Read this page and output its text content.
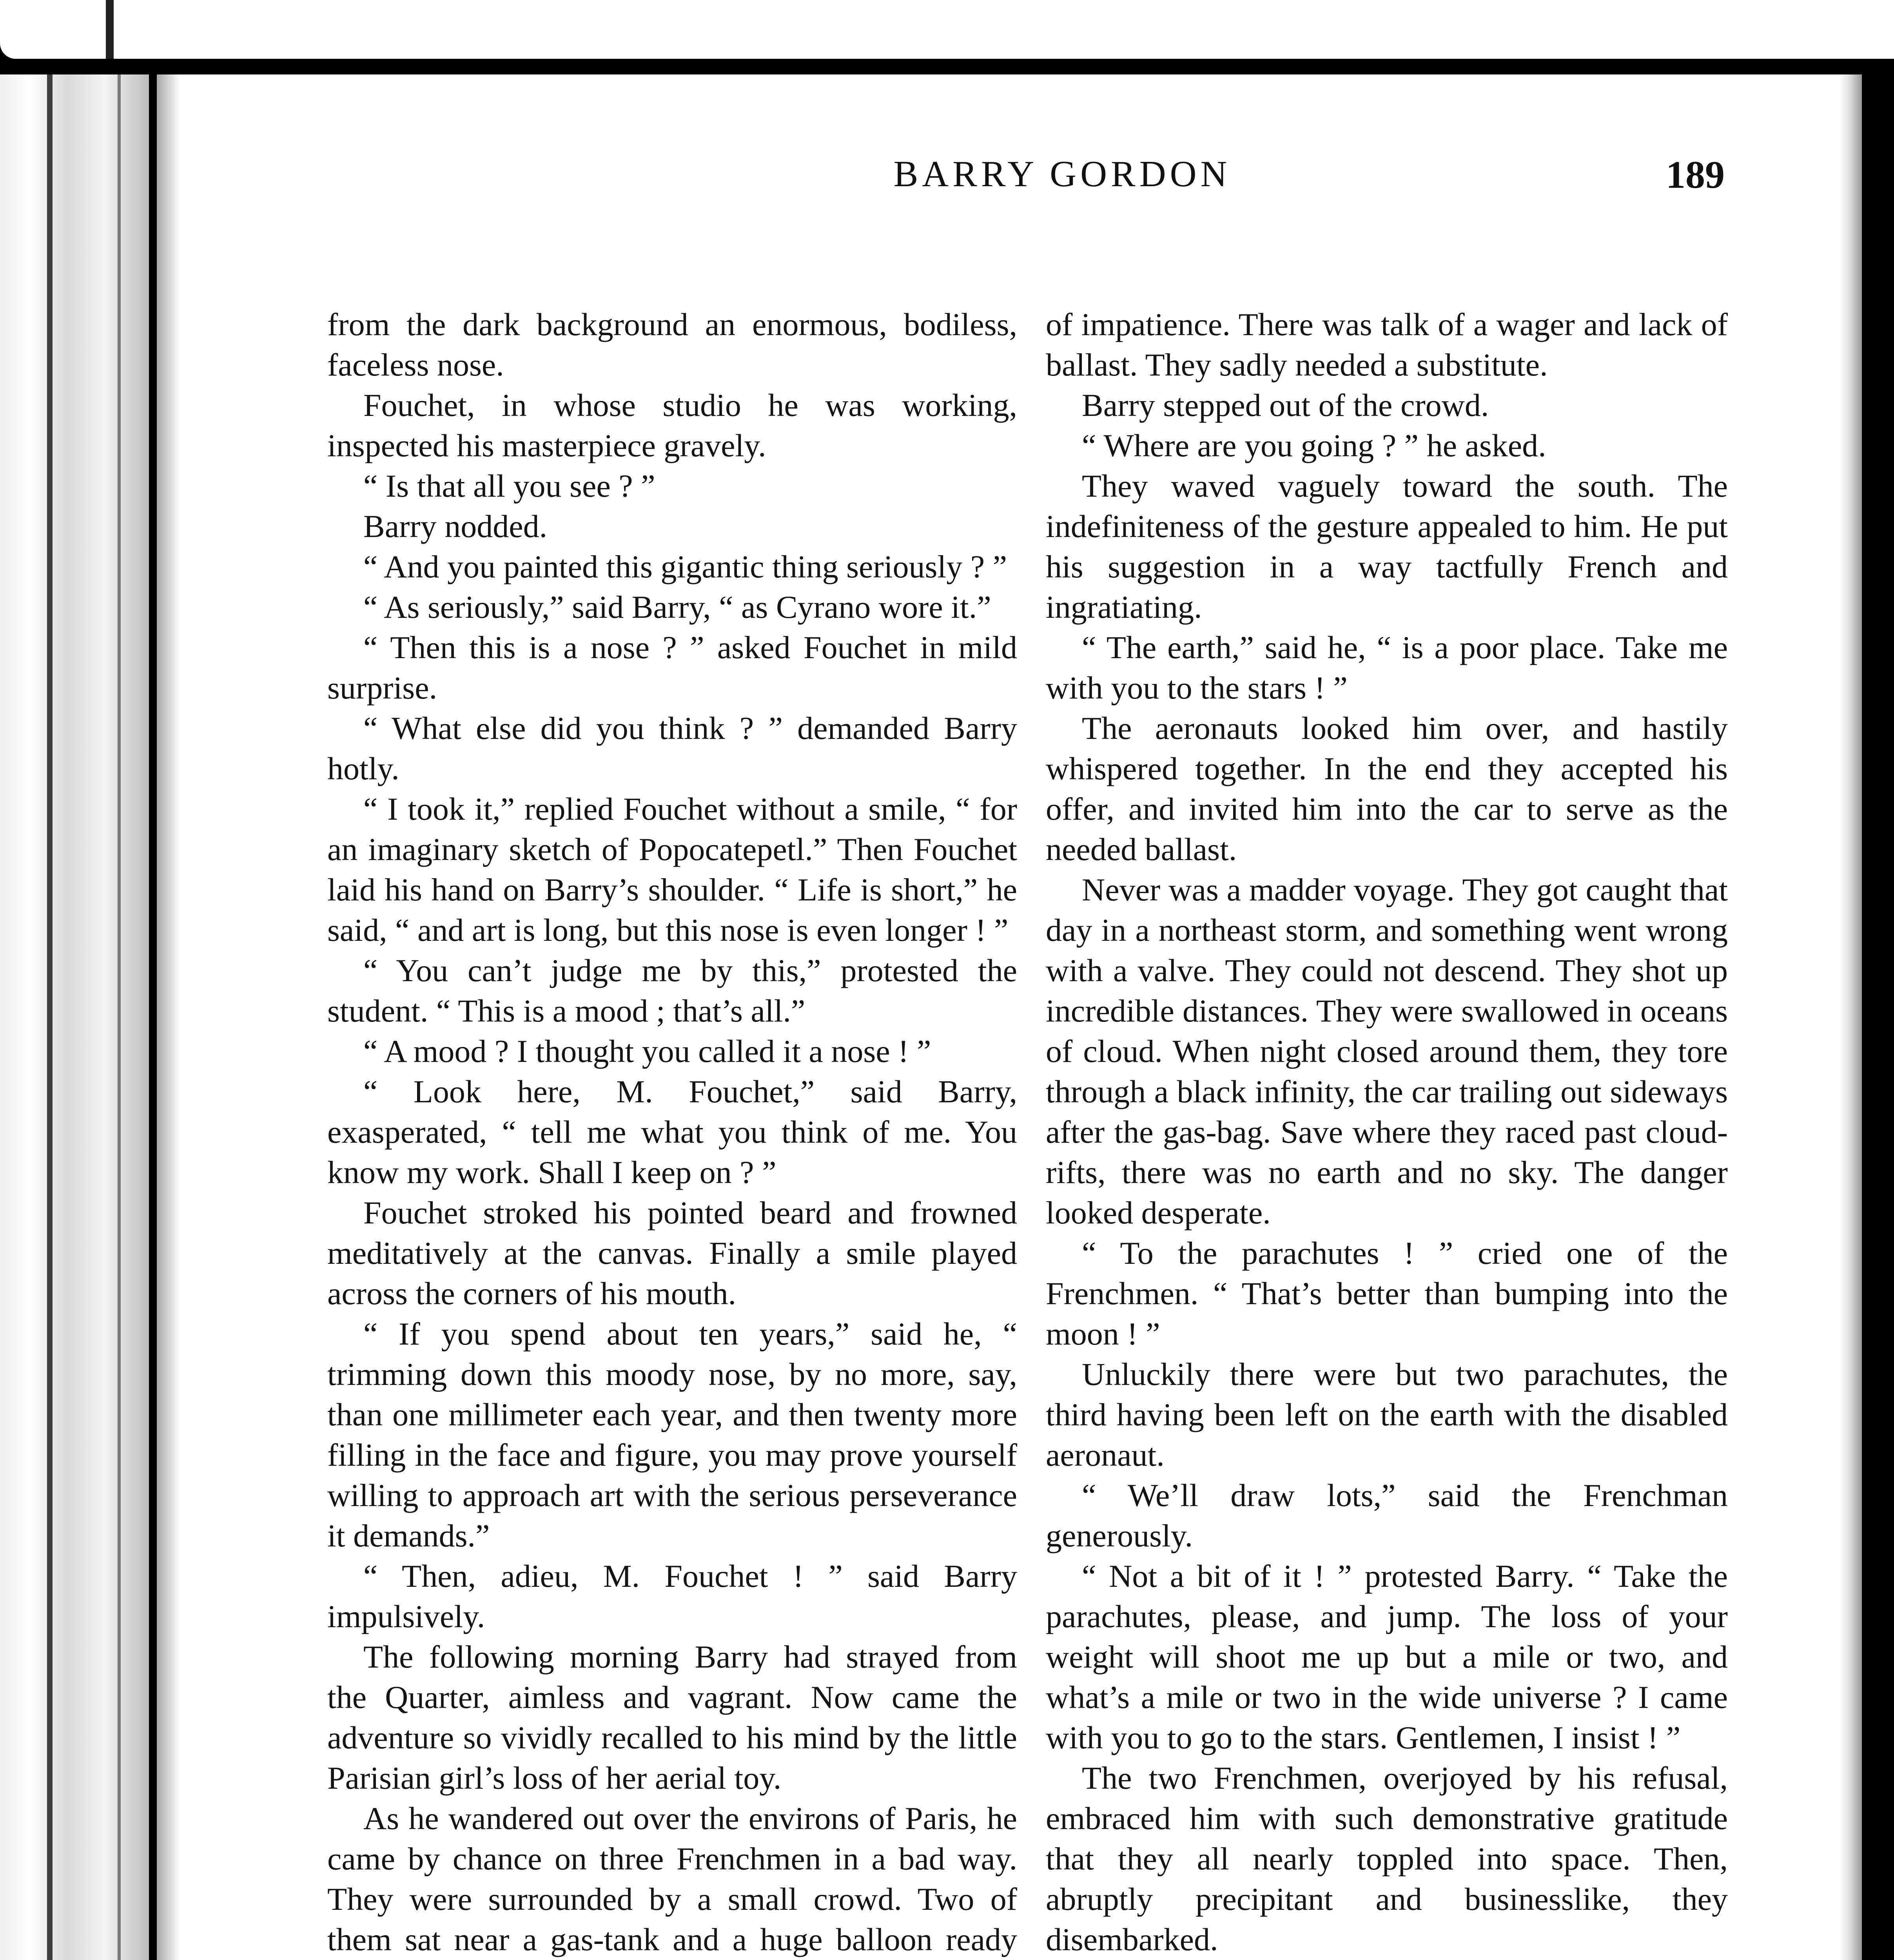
BARRY GORDON	189

from the dark background an enormous, bodiless, faceless nose.

Fouchet, in whose studio he was working, inspected his masterpiece gravely.

“ Is that all you see ? ”

Barry nodded.

“ And you painted this gigantic thing seriously ? ”

“ As seriously,” said Barry, “ as Cyrano wore it.”

“ Then this is a nose ? ” asked Fouchet in mild surprise.

“ What else did you think ? ” demanded Barry hotly.

“ I took it,” replied Fouchet without a smile, “ for an imaginary sketch of Popocatepetl.” Then Fouchet laid his hand on Barry’s shoulder. “ Life is short,” he said, “ and art is long, but this nose is even longer ! ”

“ You can’t judge me by this,” protested the student. “ This is a mood ; that’s all.”

“ A mood ? I thought you called it a nose ! ”

“ Look here, M. Fouchet,” said Barry, exasperated, “ tell me what you think of me. You know my work. Shall I keep on ? ”

Fouchet stroked his pointed beard and frowned meditatively at the canvas. Finally a smile played across the corners of his mouth.

“ If you spend about ten years,” said he, “ trimming down this moody nose, by no more, say, than one millimeter each year, and then twenty more filling in the face and figure, you may prove yourself willing to approach art with the serious perseverance it demands.”

“ Then, adieu, M. Fouchet ! ” said Barry impulsively.

The following morning Barry had strayed from the Quarter, aimless and vagrant. Now came the adventure so vividly recalled to his mind by the little Parisian girl’s loss of her aerial toy.

As he wandered out over the environs of Paris, he came by chance on three Frenchmen in a bad way. They were surrounded by a small crowd. Two of them sat near a gas-tank and a huge balloon ready

of impatience. There was talk of a wager and lack of ballast. They sadly needed a substitute.

Barry stepped out of the crowd.

“ Where are you going ? ” he asked.

They waved vaguely toward the south. The indefiniteness of the gesture appealed to him. He put his suggestion in a way tactfully French and ingratiating.

“ The earth,” said he, “ is a poor place. Take me with you to the stars ! ”

The aeronauts looked him over, and hastily whispered together. In the end they accepted his offer, and invited him into the car to serve as the needed ballast.

Never was a madder voyage. They got caught that day in a northeast storm, and something went wrong with a valve. They could not descend. They shot up incredible distances. They were swallowed in oceans of cloud. When night closed around them, they tore through a black infinity, the car trailing out sideways after the gas-bag. Save where they raced past cloud-rifts, there was no earth and no sky. The danger looked desperate.

“ To the parachutes ! ” cried one of the Frenchmen. “ That’s better than bumping into the moon ! ”

Unluckily there were but two parachutes, the third having been left on the earth with the disabled aeronaut.

“ We’ll draw lots,” said the Frenchman generously.

“ Not a bit of it ! ” protested Barry. “ Take the parachutes, please, and jump. The loss of your weight will shoot me up but a mile or two, and what’s a mile or two in the wide universe ? I came with you to go to the stars. Gentlemen, I insist ! ”

The two Frenchmen, overjoyed by his refusal, embraced him with such demonstrative gratitude that they all nearly toppled into space. Then, abruptly precipitant and businesslike, they disembarked.
